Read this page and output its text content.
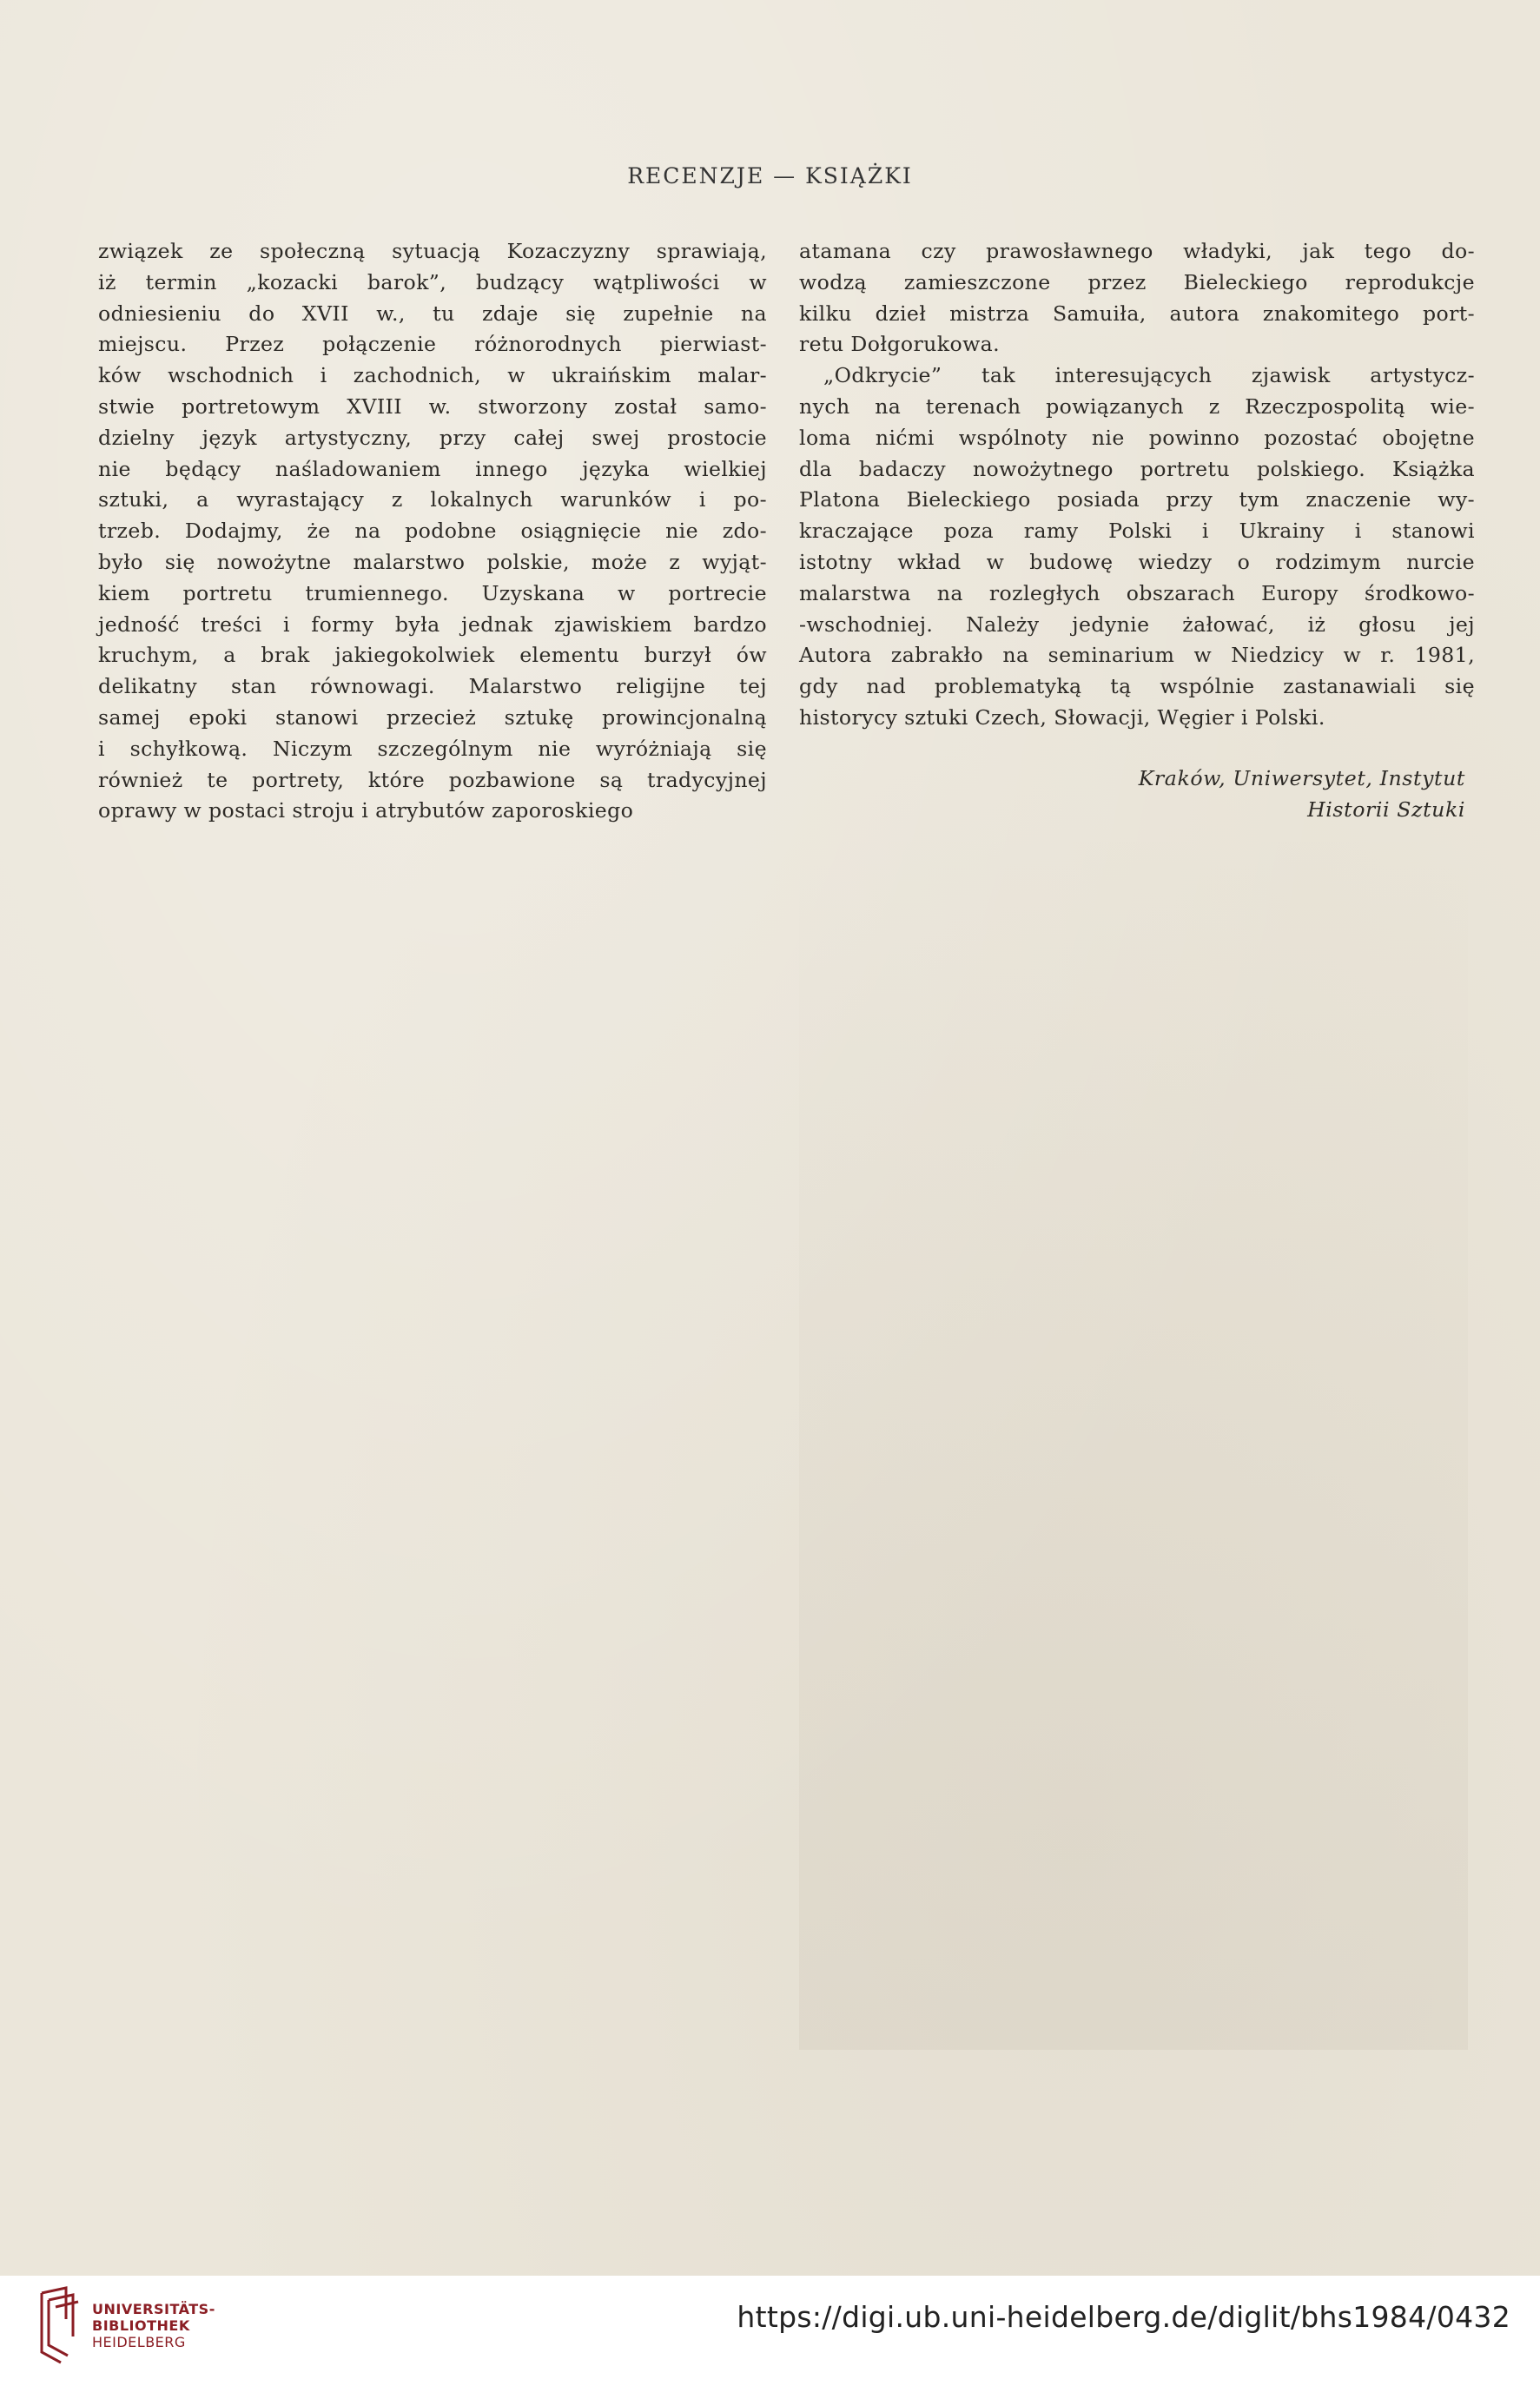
RECENZJE — KSIĄŻKI
związek ze społeczną sytuacją Kozaczyzny sprawiają,
iż termin „kozacki barok”, budzący wątpliwości w
odniesieniu do XVII w., tu zdaje się zupełnie na
miejscu. Przez połączenie różnorodnych pierwiast-
ków wschodnich i zachodnich, w ukraińskim malar-
stwie portretowym XVIII w. stworzony został samo-
dzielny język artystyczny, przy całej swej prostocie
nie będący naśladowaniem innego języka wielkiej
sztuki, a wyrastający z lokalnych warunków i po-
trzeb. Dodajmy, że na podobne osiągnięcie nie zdo-
było się nowożytne malarstwo polskie, może z wyjąt-
kiem portretu trumiennego. Uzyskana w portrecie
jedność treści i formy była jednak zjawiskiem bardzo
kruchym, a brak jakiegokolwiek elementu burzył ów
delikatny stan równowagi. Malarstwo religijne tej
samej epoki stanowi przecież sztukę prowincjonalną
i schyłkową. Niczym szczególnym nie wyróżniają się
również te portrety, które pozbawione są tradycyjnej
oprawy w postaci stroju i atrybutów zaporoskiego
atamana czy prawosławnego władyki, jak tego do-
wodzą zamieszczone przez Bieleckiego reprodukcje
kilku dzieł mistrza Samuiła, autora znakomitego port-
retu Dołgorukowa.
„Odkrycie” tak interesujących zjawisk artystycz-
nych na terenach powiązanych z Rzeczpospolitą wie-
loma nićmi wspólnoty nie powinno pozostać obojętne
dla badaczy nowożytnego portretu polskiego. Książka
Platona Bieleckiego posiada przy tym znaczenie wy-
kraczające poza ramy Polski i Ukrainy i stanowi
istotny wkład w budowę wiedzy o rodzimym nurcie
malarstwa na rozległych obszarach Europy środkowo-
-wschodniej. Należy jedynie żałować, iż głosu jej
Autora zabrakło na seminarium w Niedzicy w r. 1981,
gdy nad problematyką tą wspólnie zastanawiali się
historycy sztuki Czech, Słowacji, Węgier i Polski.
Kraków, Uniwersytet, Instytut
Historii Sztuki
UNIVERSITÄTS-
BIBLIOTHEK
HEIDELBERG
https://digi.ub.uni-heidelberg.de/diglit/bhs1984/0432
